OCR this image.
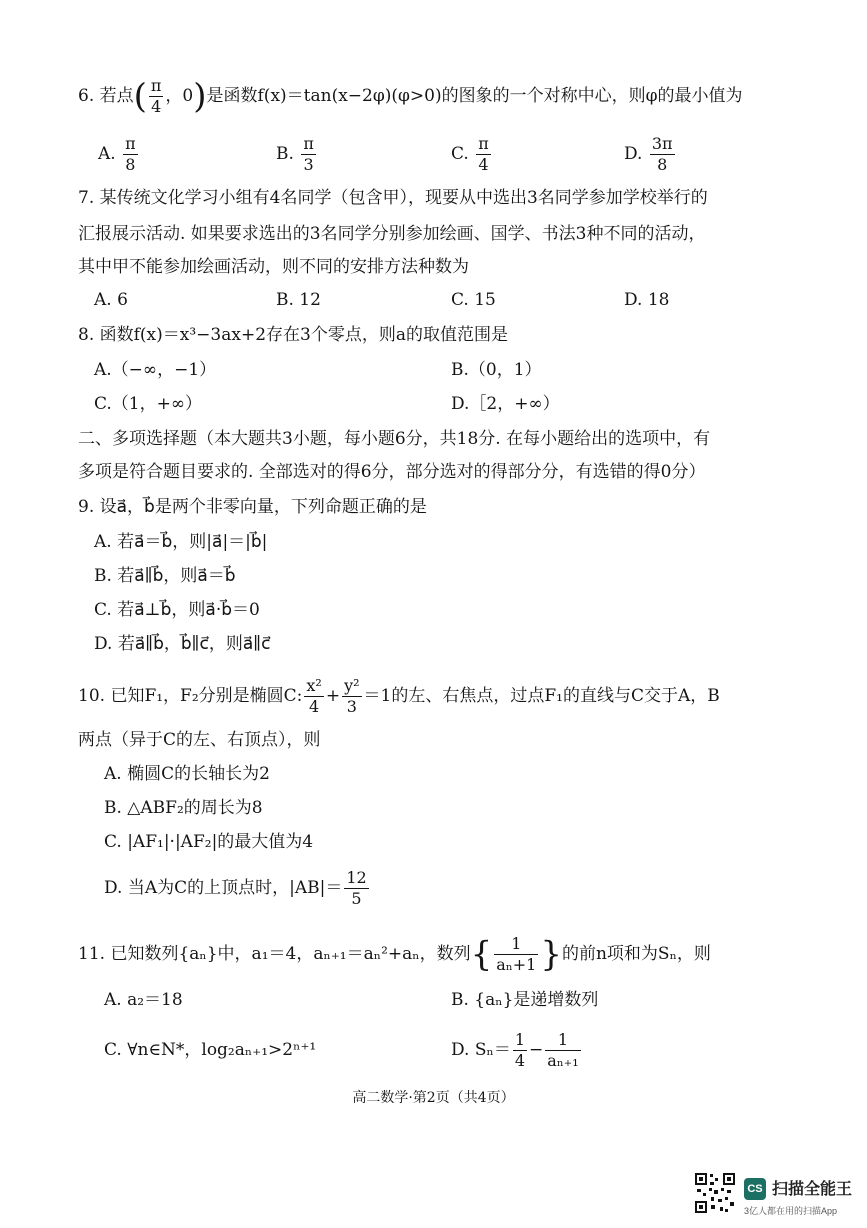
6. 若点( $\frac{\pi}{4}$ ，0)是函数f(x)＝tan(x−2φ)(φ>0)的图象的一个对称中心，则φ的最小值为
A. $\frac{\pi}{8}$	B. $\frac{\pi}{3}$	C. $\frac{\pi}{4}$	D. $\frac{3\pi}{8}$
7. 某传统文化学习小组有4名同学（包含甲），现要从中选出3名同学参加学校举行的
汇报展示活动. 如果要求选出的3名同学分别参加绘画、国学、书法3种不同的活动，
其中甲不能参加绘画活动，则不同的安排方法种数为
A. 6	B. 12	C. 15	D. 18
8. 函数f(x)＝x³−3ax+2存在3个零点，则a的取值范围是
A.（−∞，−1）	B.（0，1）
C.（1，+∞）	D.［2，+∞）
二、多项选择题（本大题共3小题，每小题6分，共18分. 在每小题给出的选项中，有
多项是符合题目要求的. 全部选对的得6分，部分选对的得部分分，有选错的得0分）
9. 设a⃗，b⃗是两个非零向量，下列命题正确的是
A. 若a⃗＝b⃗，则|a⃗|＝|b⃗|
B. 若a⃗∥b⃗，则a⃗＝b⃗
C. 若a⃗⊥b⃗，则a⃗·b⃗＝0
D. 若a⃗∥b⃗，b⃗∥c⃗，则a⃗∥c⃗
10. 已知F₁，F₂分别是椭圆C: $\frac{\text{x²}}{4} + \frac{\text{y²}}{3} =1$的左、右焦点，过点F₁的直线与C交于A，B
两点（异于C的左、右顶点），则
A. 椭圆C的长轴长为2
B. △ABF₂的周长为8
C. |AF₁|·|AF₂|的最大值为4
D. 当A为C的上顶点时，$|AB|= \frac{12}{5}$
11. 已知数列{aₙ}中，a₁＝4，aₙ₊₁＝aₙ²+aₙ，数列{ $\frac{1}{\text{aₙ+1}}$ }的前n项和为Sₙ，则
A. a₂＝18	B. {aₙ}是递增数列
C. ∀n∈N*，log₂aₙ₊₁>2ⁿ⁺¹	D. $S_n= \frac{1}{4} - \frac{1}{\text{aₙ₊₁}}$
高二数学·第2页（共4页）
CS 扫描全能王
3亿人都在用的扫描App
